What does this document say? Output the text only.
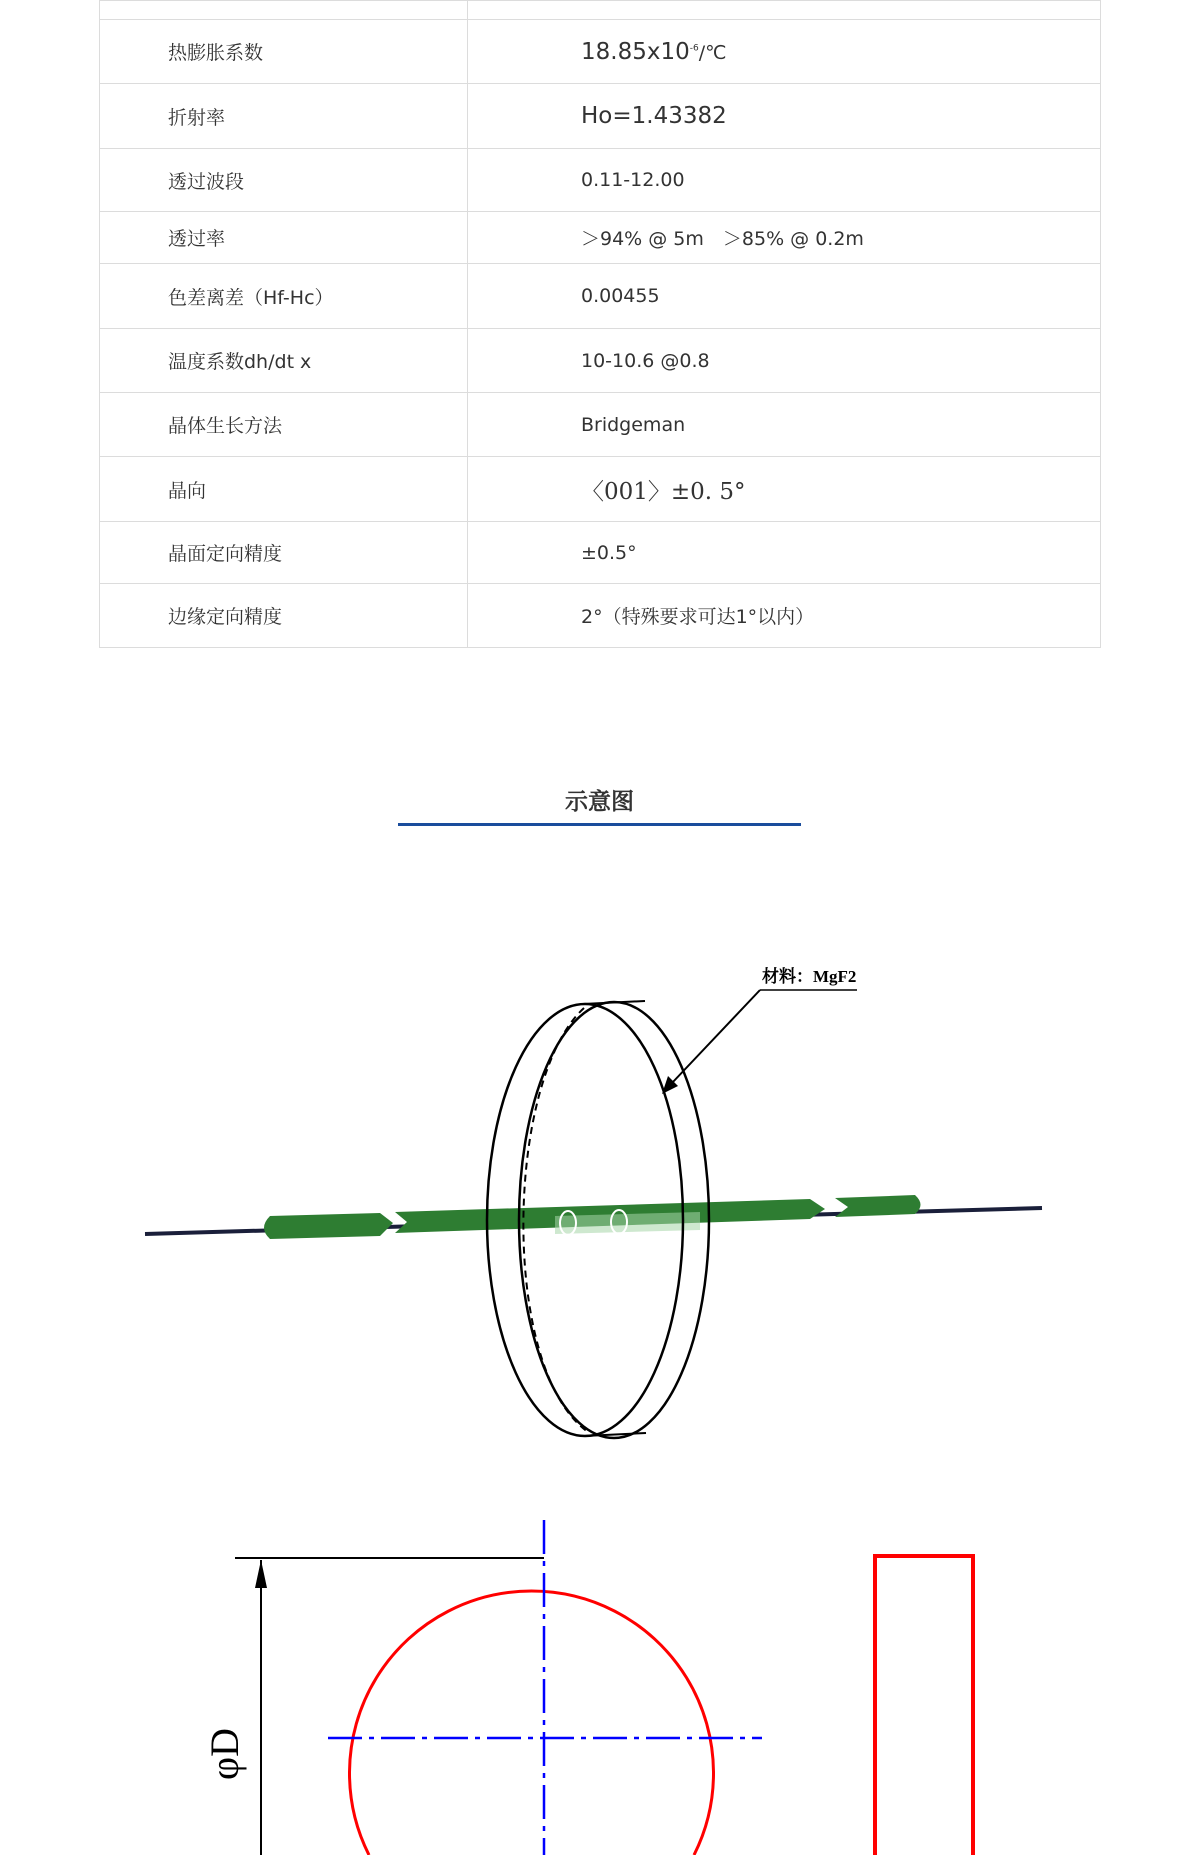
热膨胀系数	$18.85x10^{-6}/℃$
折射率	Ho=1.43382
透过波段	0.11-12.00
透过率	＞94% @ 5m　＞85% @ 0.2m
色差离差（Hf-Hc）	0.00455
温度系数dh/dt x	10-10.6 @0.8
晶体生长方法	Bridgeman
晶向	〈001〉±0. 5°
晶面定向精度	±0.5°
边缘定向精度	2°（特殊要求可达1°以内）
示意图
材料：MgF2
φD
